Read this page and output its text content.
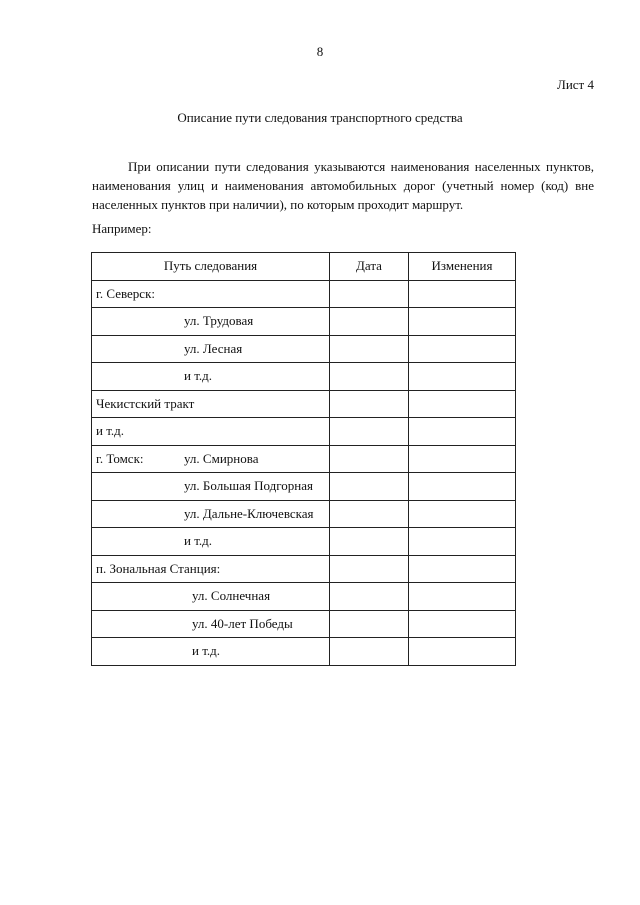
8
Лист 4
Описание пути следования транспортного средства
При описании пути следования указываются наименования населенных пунктов, наименования улиц и наименования автомобильных дорог (учетный номер (код) вне населенных пунктов при наличии), по которым проходит маршрут.
Например:
Путь следования	Дата	Изменения
г. Северск:		
ул. Трудовая		
ул. Лесная		
и т.д.		
Чекистский тракт		
и т.д.		
г. Томск: ул. Смирнова		
ул. Большая Подгорная		
ул. Дальне-Ключевская		
и т.д.		
п. Зональная Станция:		
ул. Солнечная		
ул. 40-лет Победы		
и т.д.		
